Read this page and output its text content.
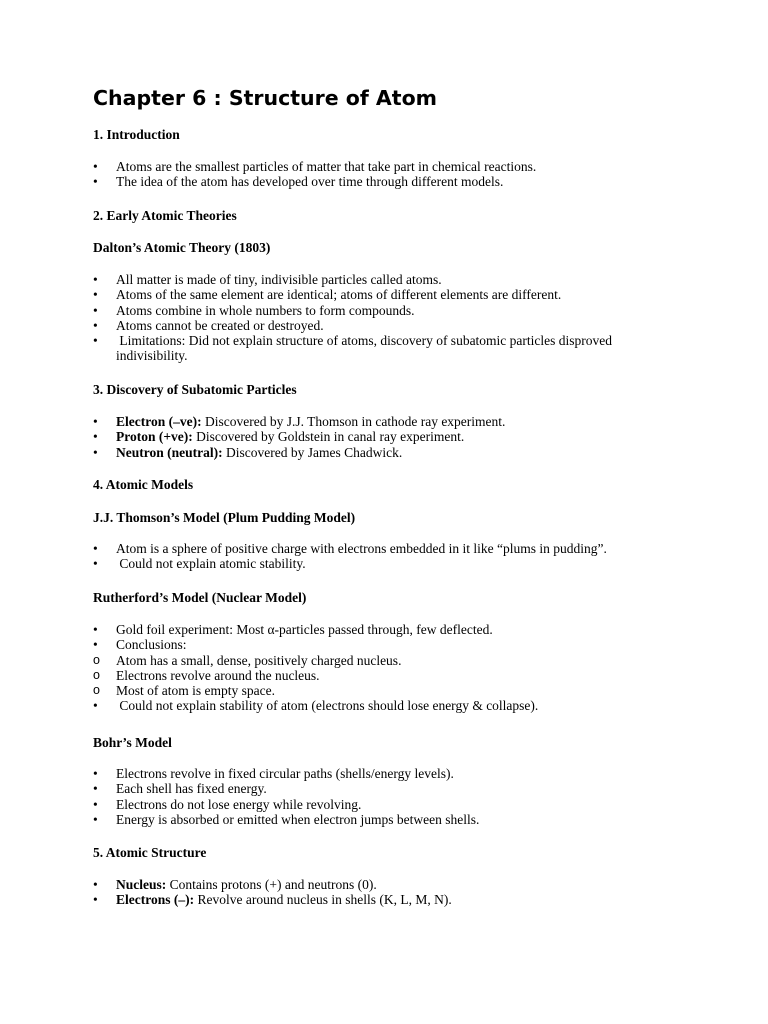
Chapter 6 : Structure of Atom
1. Introduction
•	Atoms are the smallest particles of matter that take part in chemical reactions.
•	The idea of the atom has developed over time through different models.
2. Early Atomic Theories
Dalton’s Atomic Theory (1803)
•	All matter is made of tiny, indivisible particles called atoms.
•	Atoms of the same element are identical; atoms of different elements are different.
•	Atoms combine in whole numbers to form compounds.
•	Atoms cannot be created or destroyed.
•	Limitations: Did not explain structure of atoms, discovery of subatomic particles disproved indivisibility.
3. Discovery of Subatomic Particles
•	Electron (–ve): Discovered by J.J. Thomson in cathode ray experiment.
•	Proton (+ve): Discovered by Goldstein in canal ray experiment.
•	Neutron (neutral): Discovered by James Chadwick.
4. Atomic Models
J.J. Thomson’s Model (Plum Pudding Model)
•	Atom is a sphere of positive charge with electrons embedded in it like “plums in pudding”.
•	Could not explain atomic stability.
Rutherford’s Model (Nuclear Model)
•	Gold foil experiment: Most α-particles passed through, few deflected.
•	Conclusions:
o	Atom has a small, dense, positively charged nucleus.
o	Electrons revolve around the nucleus.
o	Most of atom is empty space.
•	Could not explain stability of atom (electrons should lose energy & collapse).
Bohr’s Model
•	Electrons revolve in fixed circular paths (shells/energy levels).
•	Each shell has fixed energy.
•	Electrons do not lose energy while revolving.
•	Energy is absorbed or emitted when electron jumps between shells.
5. Atomic Structure
•	Nucleus: Contains protons (+) and neutrons (0).
•	Electrons (–): Revolve around nucleus in shells (K, L, M, N).
